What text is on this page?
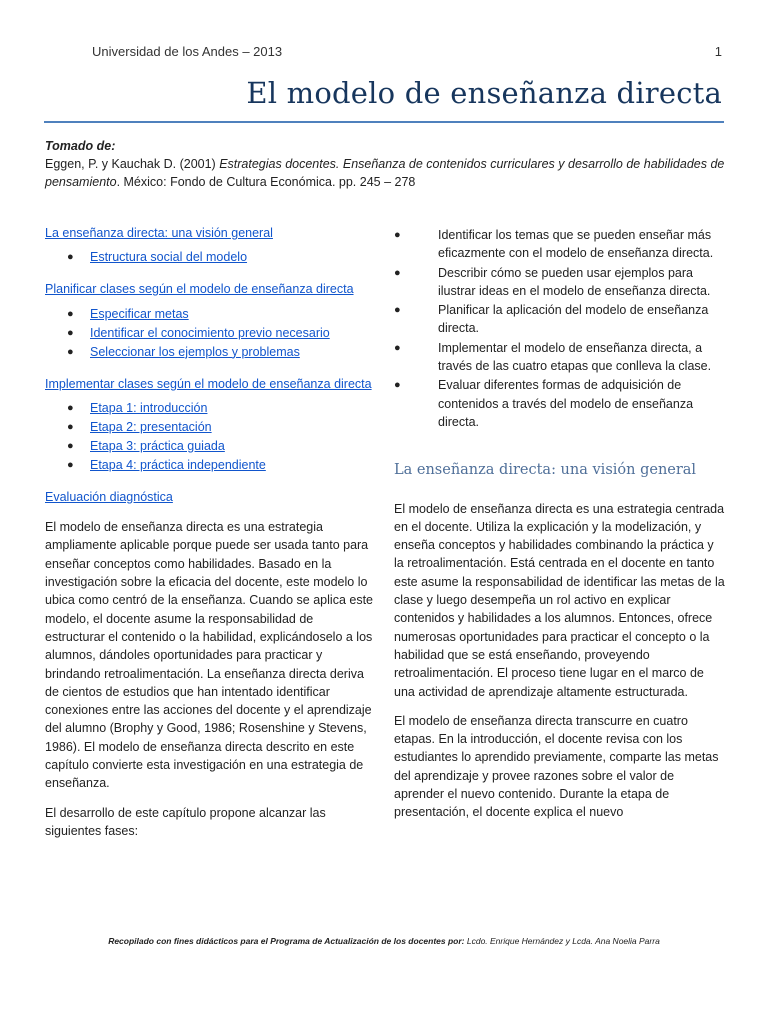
Universidad de los Andes – 2013	1
El modelo de enseñanza directa
Tomado de:
Eggen, P. y Kauchak D. (2001) Estrategias docentes. Enseñanza de contenidos curriculares y desarrollo de habilidades de pensamiento. México: Fondo de Cultura Económica. pp. 245 – 278
La enseñanza directa: una visión general
● Estructura social del modelo
Planificar clases según el modelo de enseñanza directa
● Especificar metas
● Identificar el conocimiento previo necesario
● Seleccionar los ejemplos y problemas
Implementar clases según el modelo de enseñanza directa
● Etapa 1: introducción
● Etapa 2: presentación
● Etapa 3: práctica guiada
● Etapa 4: práctica independiente
Evaluación diagnóstica

El modelo de enseñanza directa es una estrategia ampliamente aplicable porque puede ser usada tanto para enseñar conceptos como habilidades. Basado en la investigación sobre la eficacia del docente, este modelo lo ubica como centró de la enseñanza. Cuando se aplica este modelo, el docente asume la responsabilidad de estructurar el contenido o la habilidad, explicándoselo a los alumnos, dándoles oportunidades para practicar y brindando retroalimentación. La enseñanza directa deriva de cientos de estudios que han intentado identificar conexiones entre las acciones del docente y el aprendizaje del alumno (Brophy y Good, 1986; Rosenshine y Stevens, 1986). El modelo de enseñanza directa descrito en este capítulo convierte esta investigación en una estrategia de enseñanza.

El desarrollo de este capítulo propone alcanzar las siguientes fases:

●	Identificar los temas que se pueden enseñar más eficazmente con el modelo de enseñanza directa.
●	Describir cómo se pueden usar ejemplos para ilustrar ideas en el modelo de enseñanza directa.
●	Planificar la aplicación del modelo de enseñanza directa.
●	Implementar el modelo de enseñanza directa, a través de las cuatro etapas que conlleva la clase.
●	Evaluar diferentes formas de adquisición de contenidos a través del modelo de enseñanza directa.
La enseñanza directa: una visión general

El modelo de enseñanza directa es una estrategia centrada en el docente. Utiliza la explicación y la modelización, y enseña conceptos y habilidades combinando la práctica y la retroalimentación. Está centrada en el docente en tanto este asume la responsabilidad de identificar las metas de la clase y luego desempeña un rol activo en explicar contenidos y habilidades a los alumnos. Entonces, ofrece numerosas oportunidades para practicar el concepto o la habilidad que se está enseñando, proveyendo retroalimentación. El proceso tiene lugar en el marco de una actividad de aprendizaje altamente estructurada.

El modelo de enseñanza directa transcurre en cuatro etapas. En la introducción, el docente revisa con los estudiantes lo aprendido previamente, comparte las metas del aprendizaje y provee razones sobre el valor de aprender el nuevo contenido. Durante la etapa de presentación, el docente explica el nuevo

Recopilado con fines didácticos para el Programa de Actualización de los docentes por: Lcdo. Enrique Hernández y Lcda. Ana Noelia Parra
